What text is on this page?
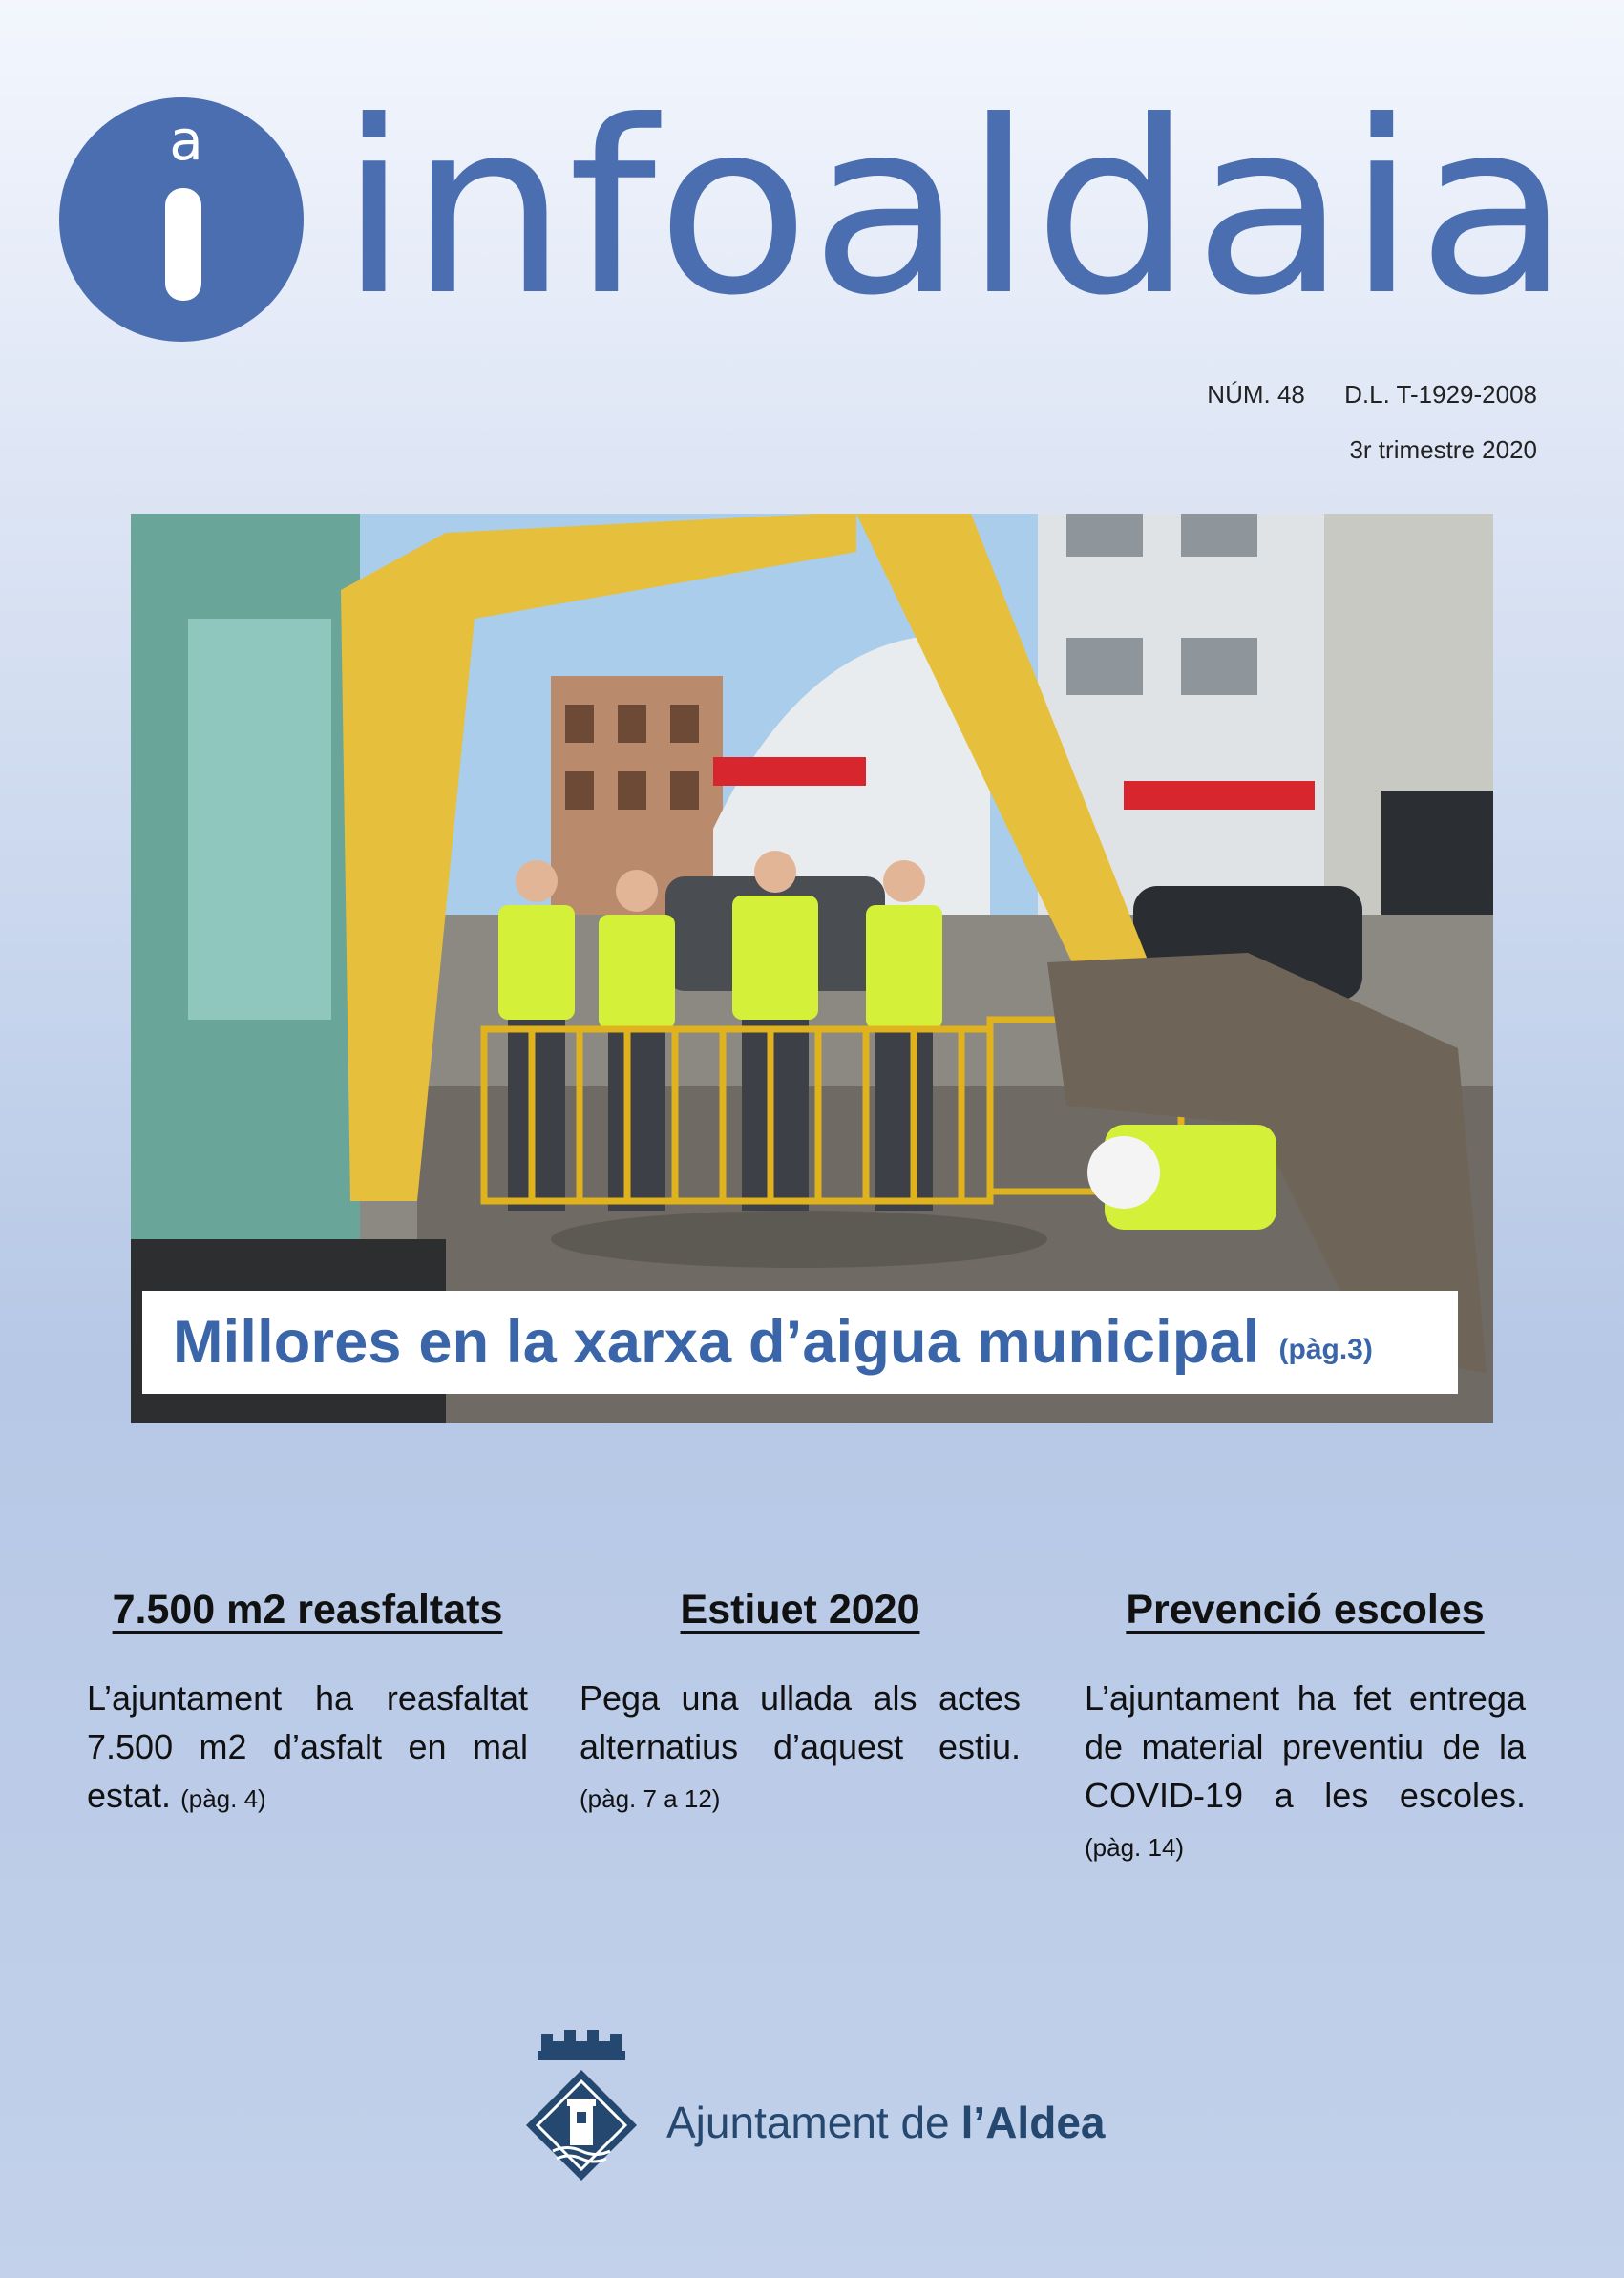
a infoaldaia
NÚM. 48 D.L. T-1929-2008
3r trimestre 2020
Millores en la xarxa d’aigua municipal (pàg.3)
7.500 m2 reasfaltats

L’ajuntament ha reasfaltat 7.500 m2 d’asfalt en mal estat. (pàg. 4)

Estiuet 2020

Pega una ullada als actes alternatius d’aquest estiu. (pàg. 7 a 12)

Prevenció escoles

L’ajuntament ha fet entrega de material preventiu de la COVID-19 a les escoles. (pàg. 14)

Ajuntament de l’Aldea
